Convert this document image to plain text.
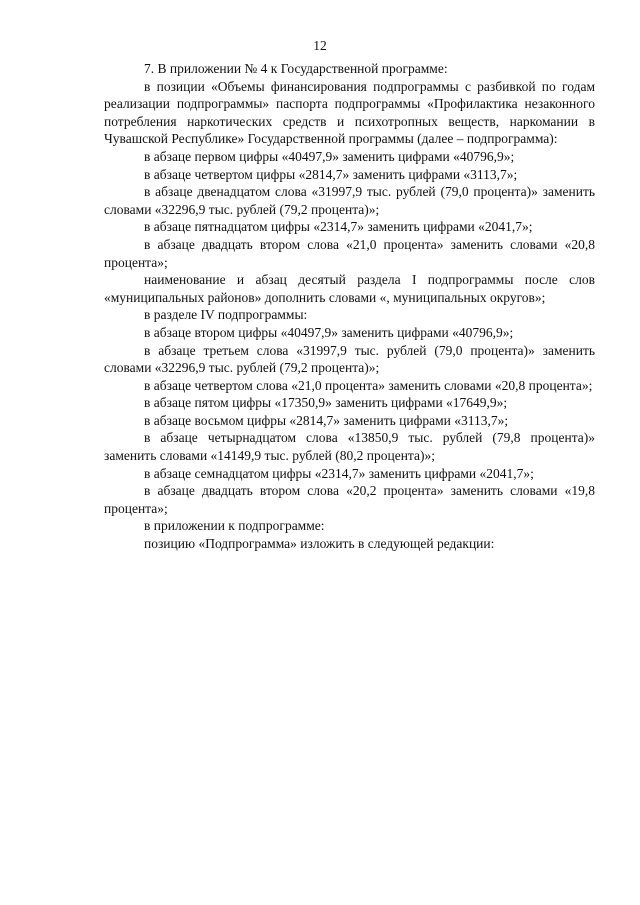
12

7. В приложении № 4 к Государственной программе:

в позиции «Объемы финансирования подпрограммы с разбивкой по годам реализации подпрограммы» паспорта подпрограммы «Профилактика незаконного потребления наркотических средств и психотропных веществ, наркомании в Чувашской Республике» Государственной программы (далее – подпрограмма):

в абзаце первом цифры «40497,9» заменить цифрами «40796,9»;

в абзаце четвертом цифры «2814,7» заменить цифрами «3113,7»;

в абзаце двенадцатом слова «31997,9 тыс. рублей (79,0 процента)» заменить словами «32296,9 тыс. рублей (79,2 процента)»;

в абзаце пятнадцатом цифры «2314,7» заменить цифрами «2041,7»;

в абзаце двадцать втором слова «21,0 процента» заменить словами «20,8 процента»;

наименование и абзац десятый раздела I подпрограммы после слов «муниципальных районов» дополнить словами «, муниципальных округов»;

в разделе IV подпрограммы:

в абзаце втором цифры «40497,9» заменить цифрами «40796,9»;

в абзаце третьем слова «31997,9 тыс. рублей (79,0 процента)» заменить словами «32296,9 тыс. рублей (79,2 процента)»;

в абзаце четвертом слова «21,0 процента» заменить словами «20,8 процента»;

в абзаце пятом цифры «17350,9» заменить цифрами «17649,9»;

в абзаце восьмом цифры «2814,7» заменить цифрами «3113,7»;

в абзаце четырнадцатом слова «13850,9 тыс. рублей (79,8 процента)» заменить словами «14149,9 тыс. рублей (80,2 процента)»;

в абзаце семнадцатом цифры «2314,7» заменить цифрами «2041,7»;

в абзаце двадцать втором слова «20,2 процента» заменить словами «19,8 процента»;

в приложении к подпрограмме:

позицию «Подпрограмма» изложить в следующей редакции:
